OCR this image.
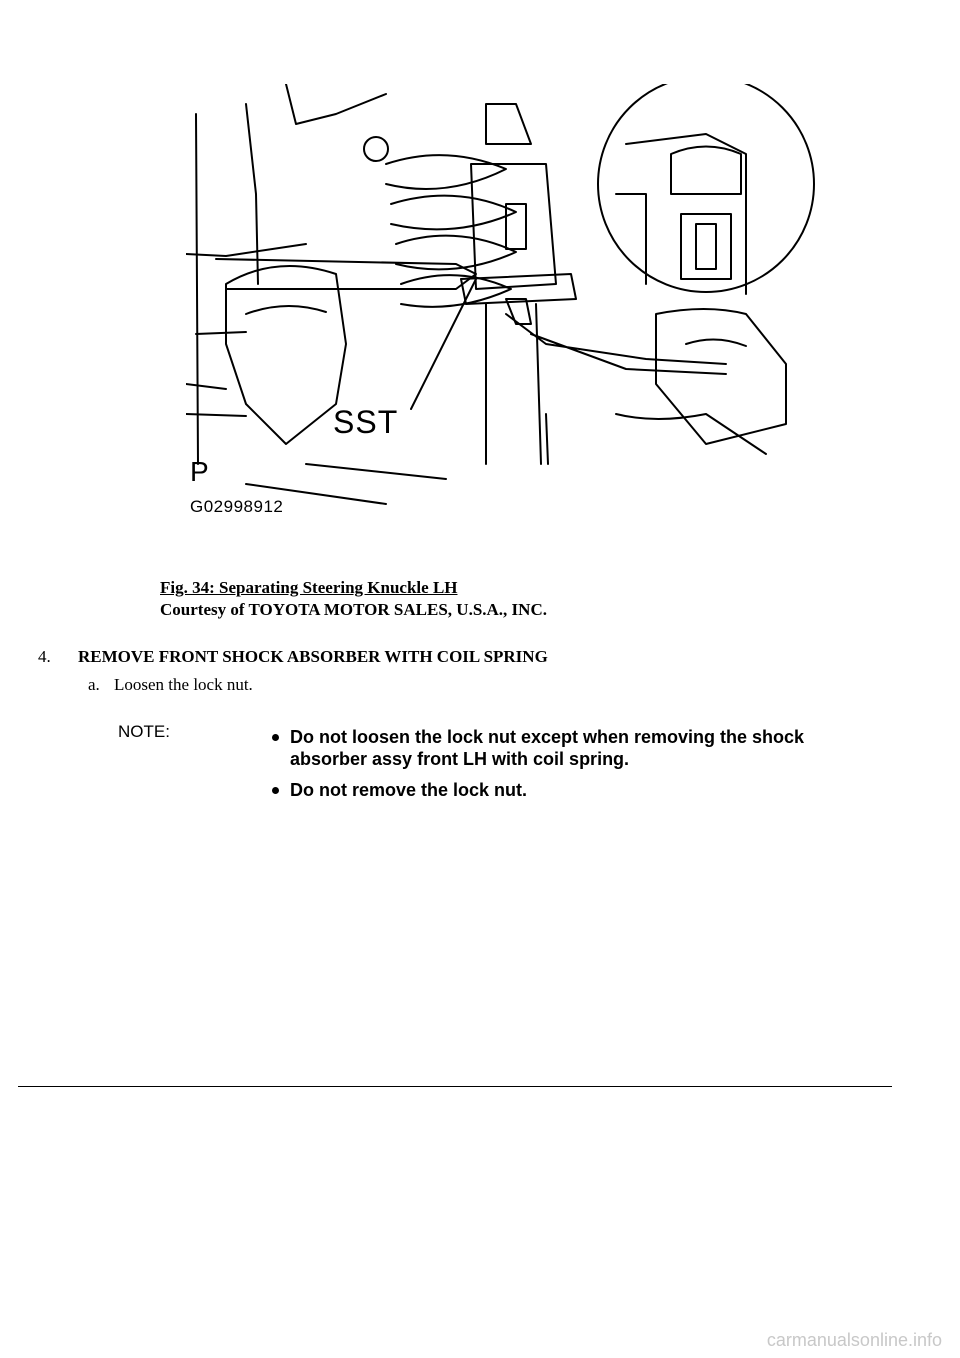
SST
P
G02998912
Fig. 34: Separating Steering Knuckle LH
Courtesy of TOYOTA MOTOR SALES, U.S.A., INC.
4. REMOVE FRONT SHOCK ABSORBER WITH COIL SPRING
a. Loosen the lock nut.
NOTE:	Do not loosen the lock nut except when removing the shock absorber assy front LH with coil spring.
Do not remove the lock nut.
carmanualsonline.info
